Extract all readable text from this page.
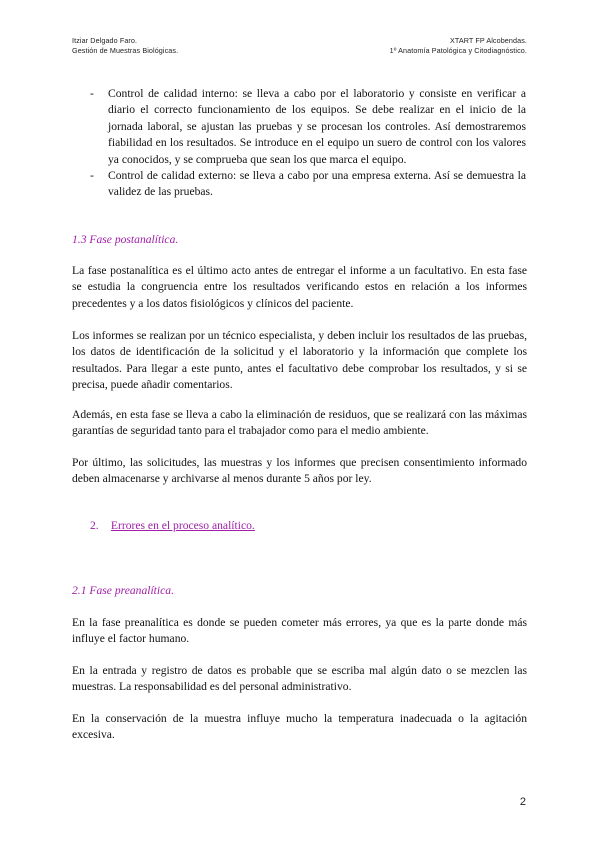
Itziar Delgado Faro.
Gestión de Muestras Biológicas.
XTART FP Alcobendas.
1º Anatomía Patológica y Citodiagnóstico.
- Control de calidad interno: se lleva a cabo por el laboratorio y consiste en verificar a diario el correcto funcionamiento de los equipos. Se debe realizar en el inicio de la jornada laboral, se ajustan las pruebas y se procesan los controles. Así demostraremos fiabilidad en los resultados. Se introduce en el equipo un suero de control con los valores ya conocidos, y se comprueba que sean los que marca el equipo.
- Control de calidad externo: se lleva a cabo por una empresa externa. Así se demuestra la validez de las pruebas.
1.3 Fase postanalítica.

La fase postanalítica es el último acto antes de entregar el informe a un facultativo. En esta fase se estudia la congruencia entre los resultados verificando estos en relación a los informes precedentes y a los datos fisiológicos y clínicos del paciente.

Los informes se realizan por un técnico especialista, y deben incluir los resultados de las pruebas, los datos de identificación de la solicitud y el laboratorio y la información que complete los resultados. Para llegar a este punto, antes el facultativo debe comprobar los resultados, y si se precisa, puede añadir comentarios.

Además, en esta fase se lleva a cabo la eliminación de residuos, que se realizará con las máximas garantías de seguridad tanto para el trabajador como para el medio ambiente.

Por último, las solicitudes, las muestras y los informes que precisen consentimiento informado deben almacenarse y archivarse al menos durante 5 años por ley.

2. Errores en el proceso analítico.
2.1 Fase preanalítica.

En la fase preanalítica es donde se pueden cometer más errores, ya que es la parte donde más influye el factor humano.

En la entrada y registro de datos es probable que se escriba mal algún dato o se mezclen las muestras. La responsabilidad es del personal administrativo.

En la conservación de la muestra influye mucho la temperatura inadecuada o la agitación excesiva.

2
